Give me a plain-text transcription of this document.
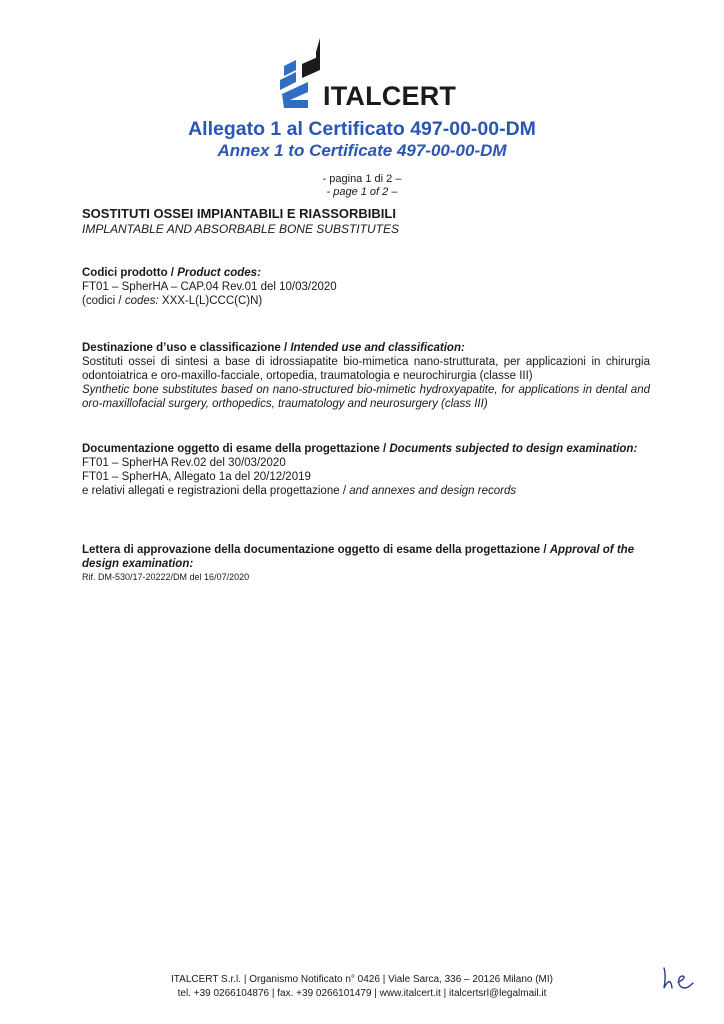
ITALCERT
Allegato 1 al Certificato 497-00-00-DM
Annex 1 to Certificate 497-00-00-DM
- pagina 1 di 2 –
- page 1 of 2 –
SOSTITUTI OSSEI IMPIANTABILI E RIASSORBIBILI
IMPLANTABLE AND ABSORBABLE BONE SUBSTITUTES
Codici prodotto / Product codes:
FT01 – SpherHA – CAP.04 Rev.01 del 10/03/2020
(codici / codes: XXX-L(L)CCC(C)N)
Destinazione d’uso e classificazione / Intended use and classification:
Sostituti ossei di sintesi a base di idrossiapatite bio-mimetica nano-strutturata, per applicazioni in chirurgia odontoiatrica e oro-maxillo-facciale, ortopedia, traumatologia e neurochirurgia (classe III)
Synthetic bone substitutes based on nano-structured bio-mimetic hydroxyapatite, for applications in dental and oro-maxillofacial surgery, orthopedics, traumatology and neurosurgery (class III)
Documentazione oggetto di esame della progettazione / Documents subjected to design examination:
FT01 – SpherHA Rev.02 del 30/03/2020
FT01 – SpherHA, Allegato 1a del 20/12/2019
e relativi allegati e registrazioni della progettazione / and annexes and design records
Lettera di approvazione della documentazione oggetto di esame della progettazione / Approval of the design examination:
Rif. DM-530/17-20222/DM del 16/07/2020
ITALCERT S.r.l. | Organismo Notificato n° 0426 | Viale Sarca, 336 – 20126 Milano (MI)
tel. +39 0266104876 | fax. +39 0266101479 | www.italcert.it | italcertsrl@legalmail.it
